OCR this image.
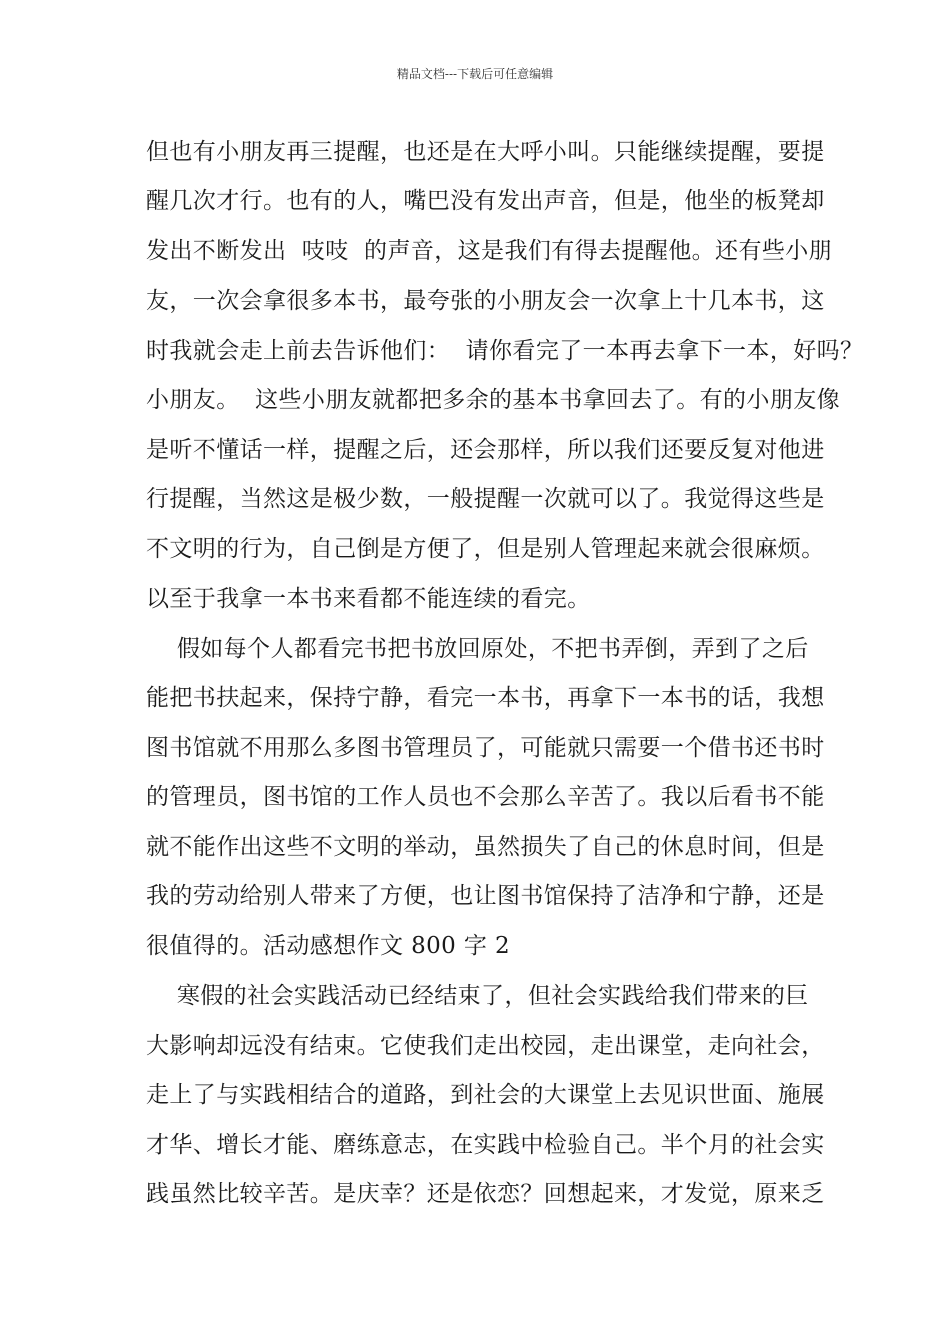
精品文档---下载后可任意编辑
但也有小朋友再三提醒，也还是在大呼小叫。只能继续提醒，要提
醒几次才行。也有的人，嘴巴没有发出声音，但是，他坐的板凳却
发出不断发出  吱吱  的声音，这是我们有得去提醒他。还有些小朋
友，一次会拿很多本书，最夸张的小朋友会一次拿上十几本书，这
时我就会走上前去告诉他们：  请你看完了一本再去拿下一本，好吗？
小朋友。  这些小朋友就都把多余的基本书拿回去了。有的小朋友像
是听不懂话一样，提醒之后，还会那样，所以我们还要反复对他进
行提醒，当然这是极少数，一般提醒一次就可以了。我觉得这些是
不文明的行为，自己倒是方便了，但是别人管理起来就会很麻烦。
以至于我拿一本书来看都不能连续的看完。
假如每个人都看完书把书放回原处，不把书弄倒，弄到了之后
能把书扶起来，保持宁静，看完一本书，再拿下一本书的话，我想
图书馆就不用那么多图书管理员了，可能就只需要一个借书还书时
的管理员，图书馆的工作人员也不会那么辛苦了。我以后看书不能
就不能作出这些不文明的举动，虽然损失了自己的休息时间，但是
我的劳动给别人带来了方便，也让图书馆保持了洁净和宁静，还是
很值得的。活动感想作文 800 字 2
寒假的社会实践活动已经结束了，但社会实践给我们带来的巨
大影响却远没有结束。它使我们走出校园，走出课堂，走向社会，
走上了与实践相结合的道路，到社会的大课堂上去见识世面、施展
才华、增长才能、磨练意志，在实践中检验自己。半个月的社会实
践虽然比较辛苦。是庆幸？还是依恋？回想起来，才发觉，原来乏
